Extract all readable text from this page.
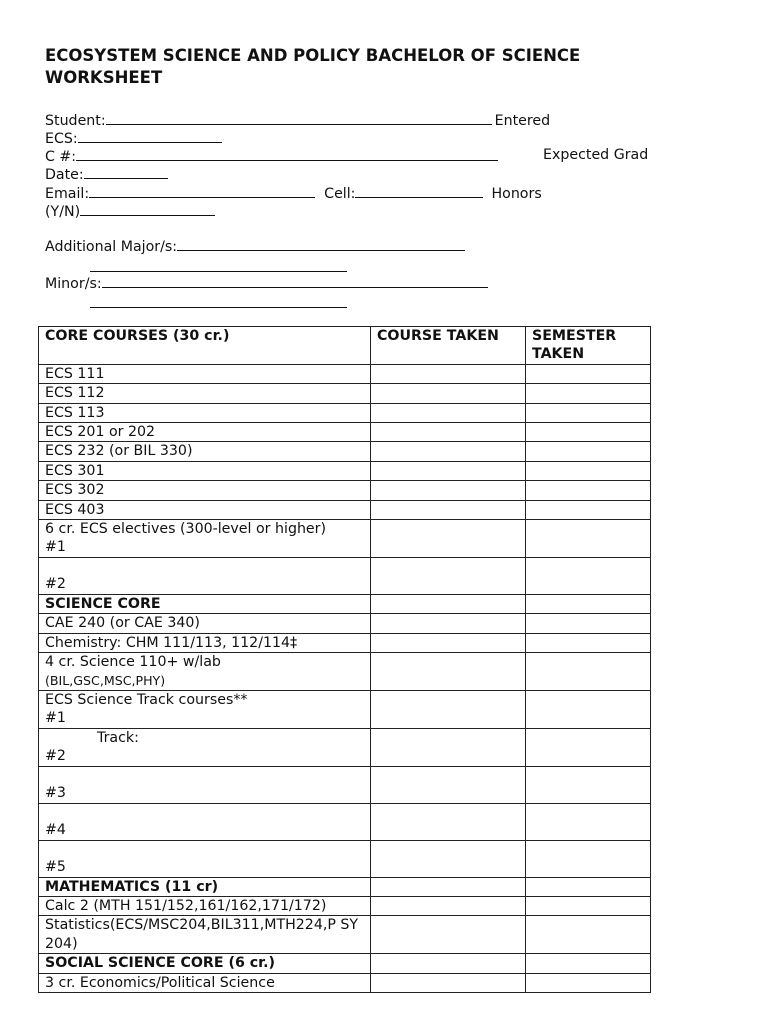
ECOSYSTEM SCIENCE AND POLICY BACHELOR OF SCIENCE WORKSHEET
Student:	Entered
ECS:
C #:	Expected Grad
Date:
Email:	Cell:	Honors
(Y/N)
Additional Major/s:
Minor/s:
CORE COURSES (30 cr.)	COURSE TAKEN	SEMESTER TAKEN
ECS 111		
ECS 112		
ECS 113		
ECS 201 or 202		
ECS 232 (or BIL 330)		
ECS 301		
ECS 302		
ECS 403		
6 cr. ECS electives (300-level or higher)
#1		
#2		
SCIENCE CORE		
CAE 240 (or CAE 340)		
Chemistry: CHM 111/113, 112/114‡		
4 cr. Science 110+ w/lab
(BIL,GSC,MSC,PHY)		
ECS Science Track courses**
#1		
Track:
#2		
#3		
#4		
#5		
MATHEMATICS (11 cr)		
Calc 2 (MTH 151/152,161/162,171/172)		
Statistics(ECS/MSC204,BIL311,MTH224,P SY204)		
SOCIAL SCIENCE CORE (6 cr.)		
3 cr. Economics/Political Science		
